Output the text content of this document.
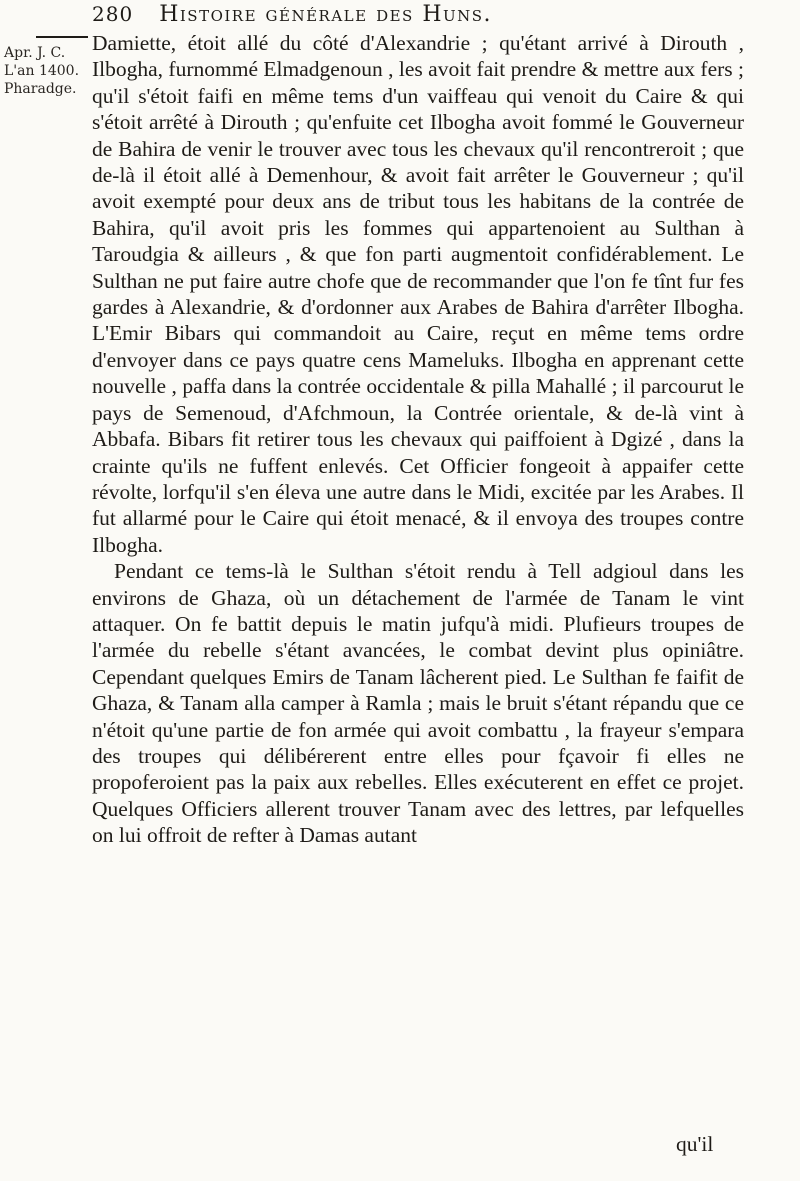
280 Histoire générale des Huns.
Apr. J. C.
L'an 1400.
Pharadge.

Damiette, étoit allé du côté d'Alexandrie ; qu'étant arrivé à Dirouth , Ilbogha, furnommé Elmadgenoun , les avoit fait prendre & mettre aux fers ; qu'il s'étoit faifi en même tems d'un vaiffeau qui venoit du Caire & qui s'étoit arrêté à Dirouth ; qu'enfuite cet Ilbogha avoit fommé le Gouverneur de Bahira de venir le trouver avec tous les chevaux qu'il rencontreroit ; que de-là il étoit allé à Demenhour, & avoit fait arrêter le Gouverneur ; qu'il avoit exempté pour deux ans de tribut tous les habitans de la contrée de Bahira, qu'il avoit pris les fommes qui appartenoient au Sulthan à Taroudgia & ailleurs , & que fon parti augmentoit confidérablement. Le Sulthan ne put faire autre chofe que de recommander que l'on fe tînt fur fes gardes à Alexandrie, & d'ordonner aux Arabes de Bahira d'arrêter Ilbogha. L'Emir Bibars qui commandoit au Caire, reçut en même tems ordre d'envoyer dans ce pays quatre cens Mameluks. Ilbogha en apprenant cette nouvelle , paffa dans la contrée occidentale & pilla Mahallé ; il parcourut le pays de Semenoud, d'Afchmoun, la Contrée orientale, & de-là vint à Abbafa. Bibars fit retirer tous les chevaux qui paiffoient à Dgizé , dans la crainte qu'ils ne fuffent enlevés. Cet Officier fongeoit à appaifer cette révolte, lorfqu'il s'en éleva une autre dans le Midi, excitée par les Arabes. Il fut allarmé pour le Caire qui étoit menacé, & il envoya des troupes contre Ilbogha.

Pendant ce tems-là le Sulthan s'étoit rendu à Tell adgioul dans les environs de Ghaza, où un détachement de l'armée de Tanam le vint attaquer. On fe battit depuis le matin jufqu'à midi. Plufieurs troupes de l'armée du rebelle s'étant avancées, le combat devint plus opiniâtre. Cependant quelques Emirs de Tanam lâcherent pied. Le Sulthan fe faifit de Ghaza, & Tanam alla camper à Ramla ; mais le bruit s'étant répandu que ce n'étoit qu'une partie de fon armée qui avoit combattu , la frayeur s'empara des troupes qui délibérerent entre elles pour fçavoir fi elles ne propoferoient pas la paix aux rebelles. Elles exécuterent en effet ce projet. Quelques Officiers allerent trouver Tanam avec des lettres, par lefquelles on lui offroit de refter à Damas autant

qu'il
